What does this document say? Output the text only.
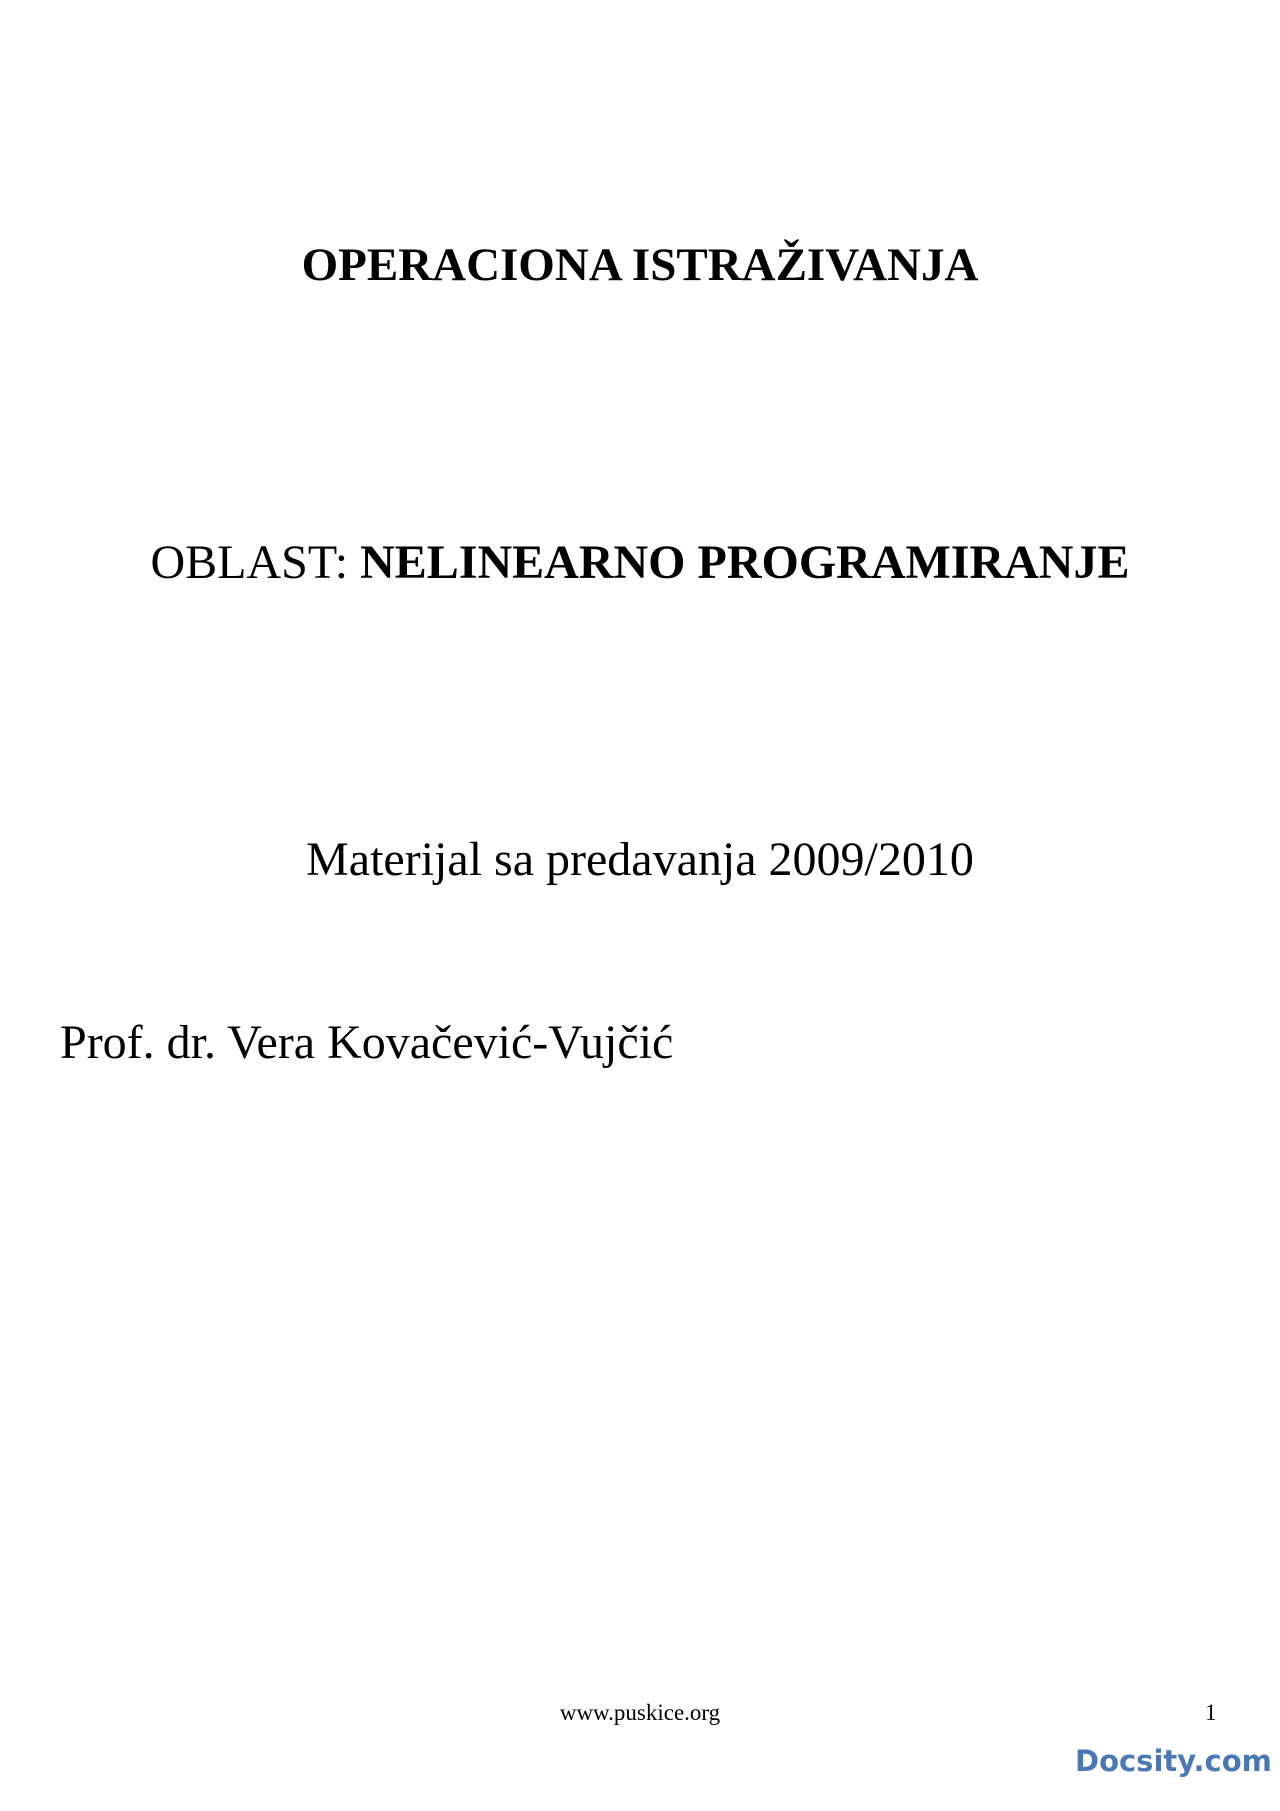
OPERACIONA ISTRAŽIVANJA
OBLAST: NELINEARNO PROGRAMIRANJE
Materijal sa predavanja 2009/2010
Prof. dr. Vera Kovačević-Vujčić
www.puskice.org	1
Docsity.com
